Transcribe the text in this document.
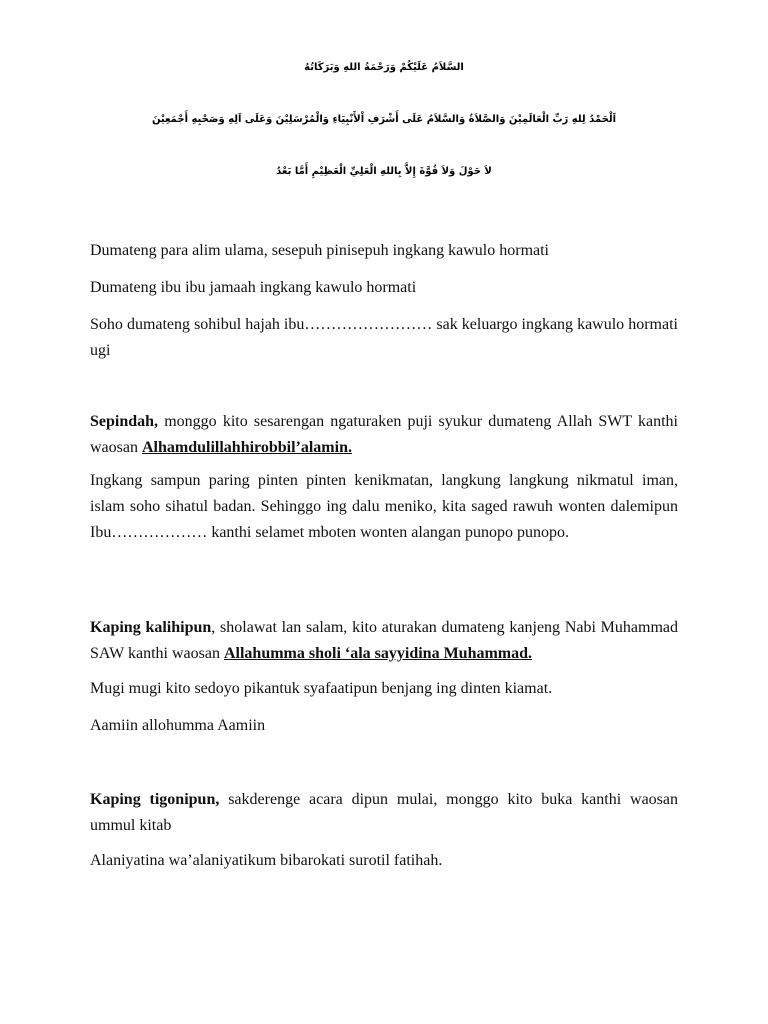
السَّلاَمُ عَلَيْكُمْ وَرَحْمَةُ اللهِ وَبَرَكَاتُهُ
اَلْحَمْدُ لِلهِ رَبِّ الْعَالَمِيْنَ وَالصَّلاَةُ وَالسَّلاَمُ عَلَى أَشْرَفِ اْلأَنْبِيَاءِ وَالْمُرْسَلِيْنَ وَعَلَى اَلِهِ وَصَحْبِهِ أَجْمَعِيْنَ
لاَ حَوْلَ وَلاَ قُوَّةَ إِلاَّ بِاللهِ الْعَلِيِّ الْعَظِيْمِ أَمَّا بَعْدُ

Dumateng para alim ulama, sesepuh pinisepuh ingkang kawulo hormati

Dumateng ibu ibu jamaah ingkang kawulo hormati

Soho dumateng sohibul hajah ibu…………………… sak keluargo ingkang kawulo hormati ugi

Sepindah, monggo kito sesarengan ngaturaken puji syukur dumateng Allah SWT kanthi waosan Alhamdulillahhirobbil’alamin.

Ingkang sampun paring pinten pinten kenikmatan, langkung langkung nikmatul iman, islam soho sihatul badan. Sehinggo ing dalu meniko, kita saged rawuh wonten dalemipun Ibu……………… kanthi selamet mboten wonten alangan punopo punopo.

Kaping kalihipun, sholawat lan salam, kito aturakan dumateng kanjeng Nabi Muhammad SAW kanthi waosan Allahumma sholi ‘ala sayyidina Muhammad.

Mugi mugi kito sedoyo pikantuk syafaatipun benjang ing dinten kiamat.

Aamiin allohumma Aamiin

Kaping tigonipun, sakderenge acara dipun mulai, monggo kito buka kanthi waosan ummul kitab

Alaniyatina wa’alaniyatikum bibarokati surotil fatihah.
